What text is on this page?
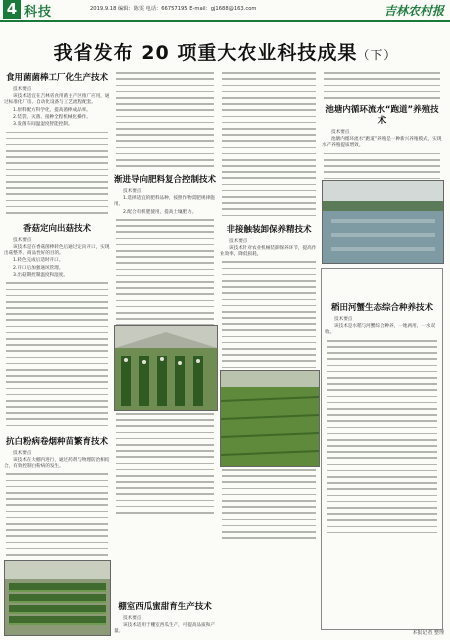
4 科技	2019.9.18 编辑：陈雯 电话：66757195 E-mail：gj1688@163.com	吉林农村报
我省发布 20 项重大农业科技成果（下）
食用菌菌棒工厂化生产技术

技术要点

该技术适宜在吉林省食用菌主产区推广应用，通过标准化厂房、自动化设备与工艺流程配套。

1.原料配方科学化，提高菌棒成品率。

2.装袋、灭菌、接种全程机械化操作。

3.发菌车间温湿度智能控制。

香菇定向出菇技术

技术要点

该技术是在香菇菌棒转色后通过定向开口，实现出菇整齐、商品性好的目的。

1.转色完成后适时开口。

2.开口后加强通风管理。

3.出菇期控制温度和湿度。

抗白粉病卷烟种苗繁育技术

技术要点

该技术在大棚内进行，通过药剂与物理防治相结合，有效控制白粉病的发生。

渐进导向肥料复合控制技术

技术要点

1.选择适宜的肥料品种，按照作物需肥规律施用。

2.配合有机肥使用，提高土壤肥力。

棚室西瓜蜜甜育生产技术

技术要点

该技术适用于棚室西瓜生产，可提高品质和产量。

非接触装卸保养精技术

技术要点

该技术针对农业机械装卸保养环节，提高作业效率，降低损耗。

池塘内循环流水“跑道”养殖技术

技术要点

池塘内循环流水“跑道”养殖是一种新兴养殖模式，实现水产养殖提质增效。

稻田河蟹生态综合种养技术

技术要点

该技术是水稻与河蟹综合种养，一地两用，一水双收。

本报记者 整理
